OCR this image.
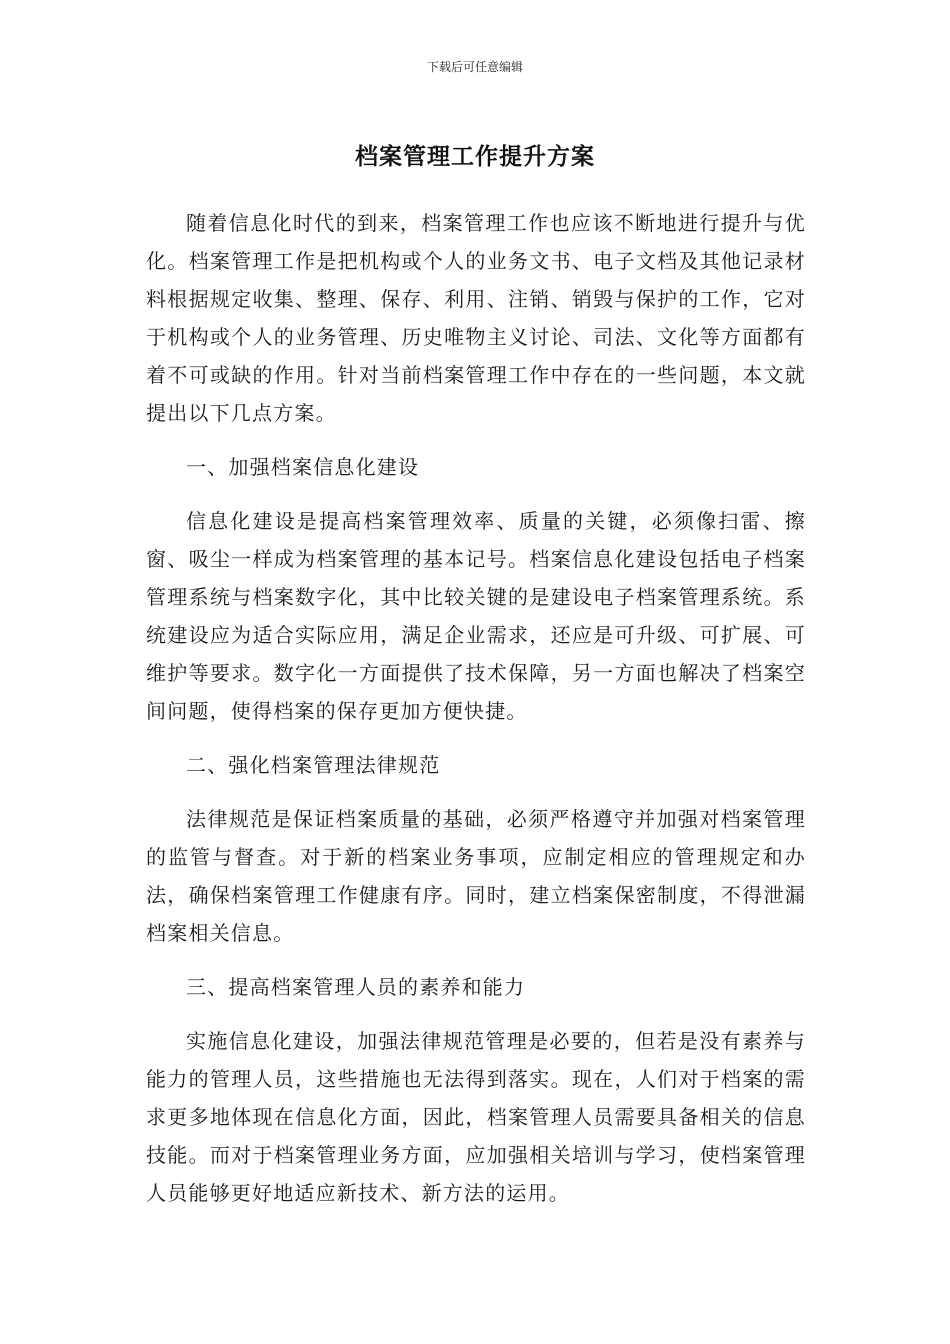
下载后可任意编辑
档案管理工作提升方案

随着信息化时代的到来，档案管理工作也应该不断地进行提升与优化。档案管理工作是把机构或个人的业务文书、电子文档及其他记录材料根据规定收集、整理、保存、利用、注销、销毁与保护的工作，它对于机构或个人的业务管理、历史唯物主义讨论、司法、文化等方面都有着不可或缺的作用。针对当前档案管理工作中存在的一些问题，本文就提出以下几点方案。

一、加强档案信息化建设

信息化建设是提高档案管理效率、质量的关键，必须像扫雷、擦窗、吸尘一样成为档案管理的基本记号。档案信息化建设包括电子档案管理系统与档案数字化，其中比较关键的是建设电子档案管理系统。系统建设应为适合实际应用，满足企业需求，还应是可升级、可扩展、可维护等要求。数字化一方面提供了技术保障，另一方面也解决了档案空间问题，使得档案的保存更加方便快捷。

二、强化档案管理法律规范

法律规范是保证档案质量的基础，必须严格遵守并加强对档案管理的监管与督查。对于新的档案业务事项，应制定相应的管理规定和办法，确保档案管理工作健康有序。同时，建立档案保密制度，不得泄漏档案相关信息。

三、提高档案管理人员的素养和能力

实施信息化建设，加强法律规范管理是必要的，但若是没有素养与能力的管理人员，这些措施也无法得到落实。现在，人们对于档案的需求更多地体现在信息化方面，因此，档案管理人员需要具备相关的信息技能。而对于档案管理业务方面，应加强相关培训与学习，使档案管理人员能够更好地适应新技术、新方法的运用。
